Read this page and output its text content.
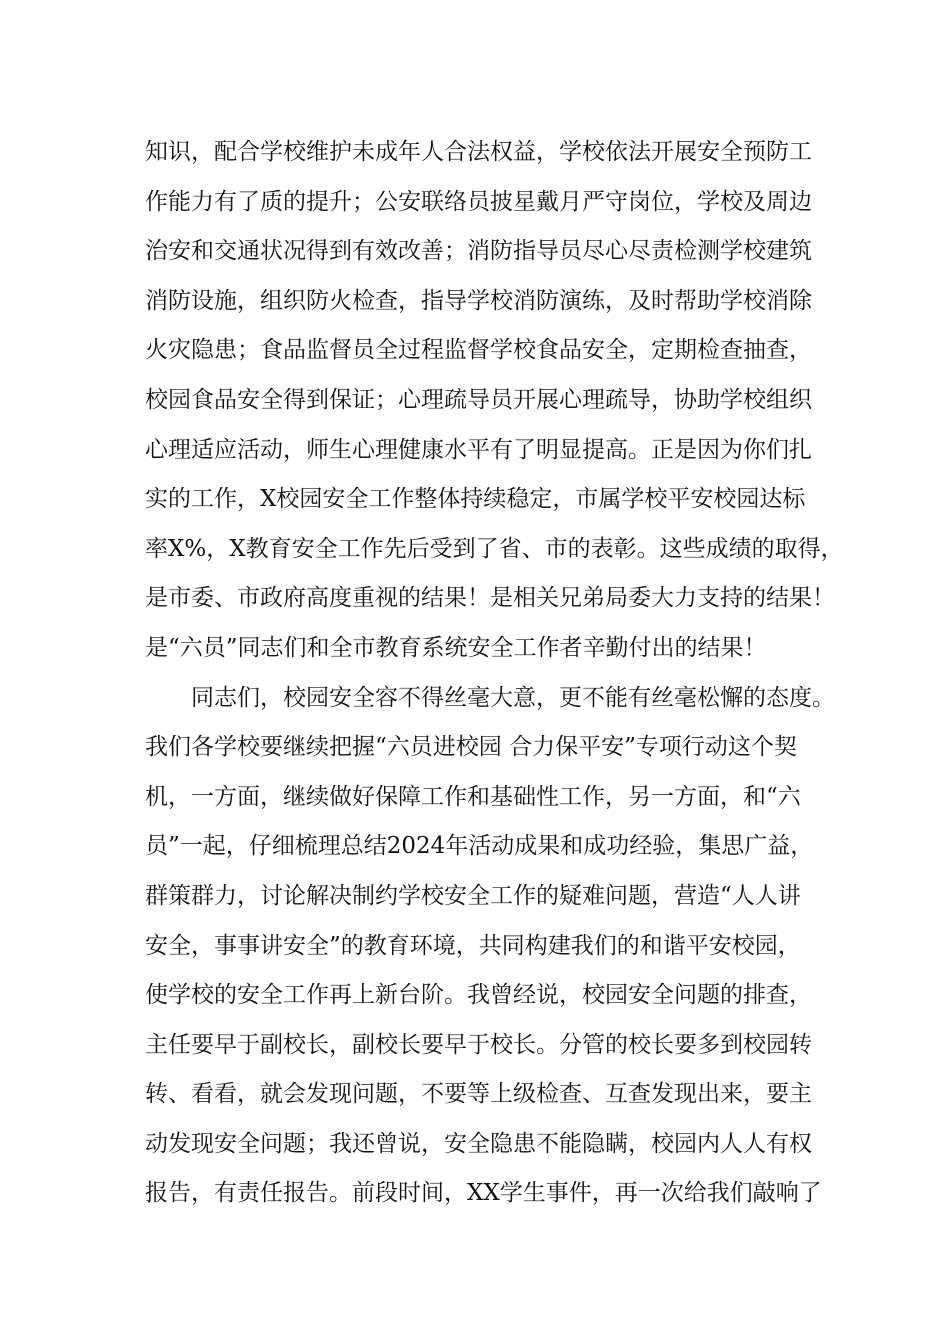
知识，配合学校维护未成年人合法权益，学校依法开展安全预防工
作能力有了质的提升；公安联络员披星戴月严守岗位，学校及周边
治安和交通状况得到有效改善；消防指导员尽心尽责检测学校建筑
消防设施，组织防火检查，指导学校消防演练，及时帮助学校消除
火灾隐患；食品监督员全过程监督学校食品安全，定期检查抽查，
校园食品安全得到保证；心理疏导员开展心理疏导，协助学校组织
心理适应活动，师生心理健康水平有了明显提高。正是因为你们扎
实的工作，X校园安全工作整体持续稳定，市属学校平安校园达标
率X%，X教育安全工作先后受到了省、市的表彰。这些成绩的取得，
是市委、市政府高度重视的结果！是相关兄弟局委大力支持的结果！
是“六员”同志们和全市教育系统安全工作者辛勤付出的结果！
同志们，校园安全容不得丝毫大意，更不能有丝毫松懈的态度。
我们各学校要继续把握“六员进校园 合力保平安”专项行动这个契
机，一方面，继续做好保障工作和基础性工作，另一方面，和“六
员”一起，仔细梳理总结2024年活动成果和成功经验，集思广益，
群策群力，讨论解决制约学校安全工作的疑难问题，营造“人人讲
安全，事事讲安全”的教育环境，共同构建我们的和谐平安校园，
使学校的安全工作再上新台阶。我曾经说，校园安全问题的排查，
主任要早于副校长，副校长要早于校长。分管的校长要多到校园转
转、看看，就会发现问题，不要等上级检查、互查发现出来，要主
动发现安全问题；我还曾说，安全隐患不能隐瞒，校园内人人有权
报告，有责任报告。前段时间，XX学生事件，再一次给我们敲响了
